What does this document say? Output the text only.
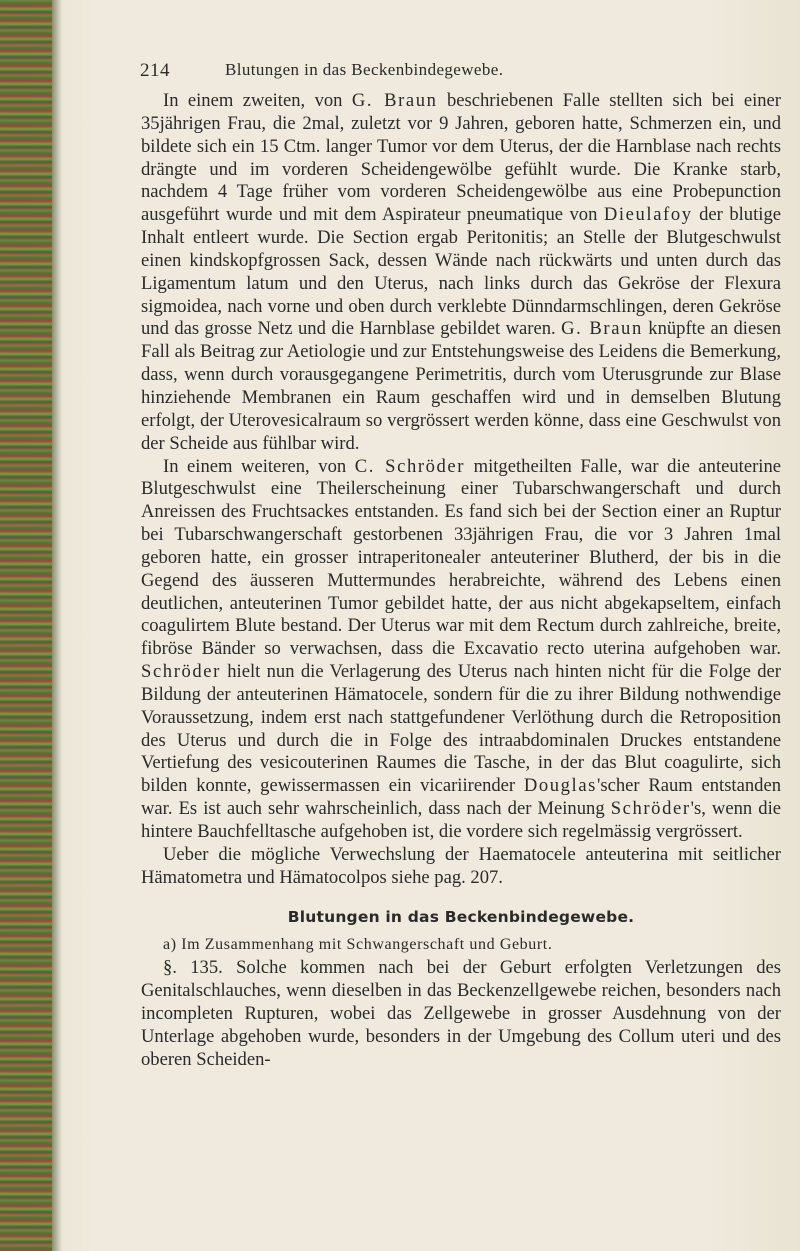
214	Blutungen in das Beckenbindegewebe.

In einem zweiten, von G. Braun beschriebenen Falle stellten sich bei einer 35jährigen Frau, die 2mal, zuletzt vor 9 Jahren, geboren hatte, Schmerzen ein, und bildete sich ein 15 Ctm. langer Tumor vor dem Uterus, der die Harnblase nach rechts drängte und im vorderen Scheidengewölbe gefühlt wurde. Die Kranke starb, nachdem 4 Tage früher vom vorderen Scheidengewölbe aus eine Probepunction ausgeführt wurde und mit dem Aspirateur pneumatique von Dieulafoy der blutige Inhalt entleert wurde. Die Section ergab Peritonitis; an Stelle der Blutgeschwulst einen kindskopfgrossen Sack, dessen Wände nach rückwärts und unten durch das Ligamentum latum und den Uterus, nach links durch das Gekröse der Flexura sigmoidea, nach vorne und oben durch verklebte Dünndarmschlingen, deren Gekröse und das grosse Netz und die Harnblase gebildet waren. G. Braun knüpfte an diesen Fall als Beitrag zur Aetiologie und zur Entstehungsweise des Leidens die Bemerkung, dass, wenn durch vorausgegangene Perimetritis, durch vom Uterusgrunde zur Blase hinziehende Membranen ein Raum geschaffen wird und in demselben Blutung erfolgt, der Uterovesicalraum so vergrössert werden könne, dass eine Geschwulst von der Scheide aus fühlbar wird.

In einem weiteren, von C. Schröder mitgetheilten Falle, war die anteuterine Blutgeschwulst eine Theilerscheinung einer Tubarschwangerschaft und durch Anreissen des Fruchtsackes entstanden. Es fand sich bei der Section einer an Ruptur bei Tubarschwangerschaft gestorbenen 33jährigen Frau, die vor 3 Jahren 1mal geboren hatte, ein grosser intraperitonealer anteuteriner Blutherd, der bis in die Gegend des äusseren Muttermundes herabreichte, während des Lebens einen deutlichen, anteuterinen Tumor gebildet hatte, der aus nicht abgekapseltem, einfach coagulirtem Blute bestand. Der Uterus war mit dem Rectum durch zahlreiche, breite, fibröse Bänder so verwachsen, dass die Excavatio recto uterina aufgehoben war. Schröder hielt nun die Verlagerung des Uterus nach hinten nicht für die Folge der Bildung der anteuterinen Hämatocele, sondern für die zu ihrer Bildung nothwendige Voraussetzung, indem erst nach stattgefundener Verlöthung durch die Retroposition des Uterus und durch die in Folge des intraabdominalen Druckes entstandene Vertiefung des vesicouterinen Raumes die Tasche, in der das Blut coagulirte, sich bilden konnte, gewissermassen ein vicariirender Douglas'scher Raum entstanden war. Es ist auch sehr wahrscheinlich, dass nach der Meinung Schröder's, wenn die hintere Bauchfelltasche aufgehoben ist, die vordere sich regelmässig vergrössert.

Ueber die mögliche Verwechslung der Haematocele anteuterina mit seitlicher Hämatometra und Hämatocolpos siehe pag. 207.

Blutungen in das Beckenbindegewebe.

a) Im Zusammenhang mit Schwangerschaft und Geburt.

§. 135. Solche kommen nach bei der Geburt erfolgten Verletzungen des Genitalschlauches, wenn dieselben in das Beckenzellgewebe reichen, besonders nach incompleten Rupturen, wobei das Zellgewebe in grosser Ausdehnung von der Unterlage abgehoben wurde, besonders in der Umgebung des Collum uteri und des oberen Scheiden-
